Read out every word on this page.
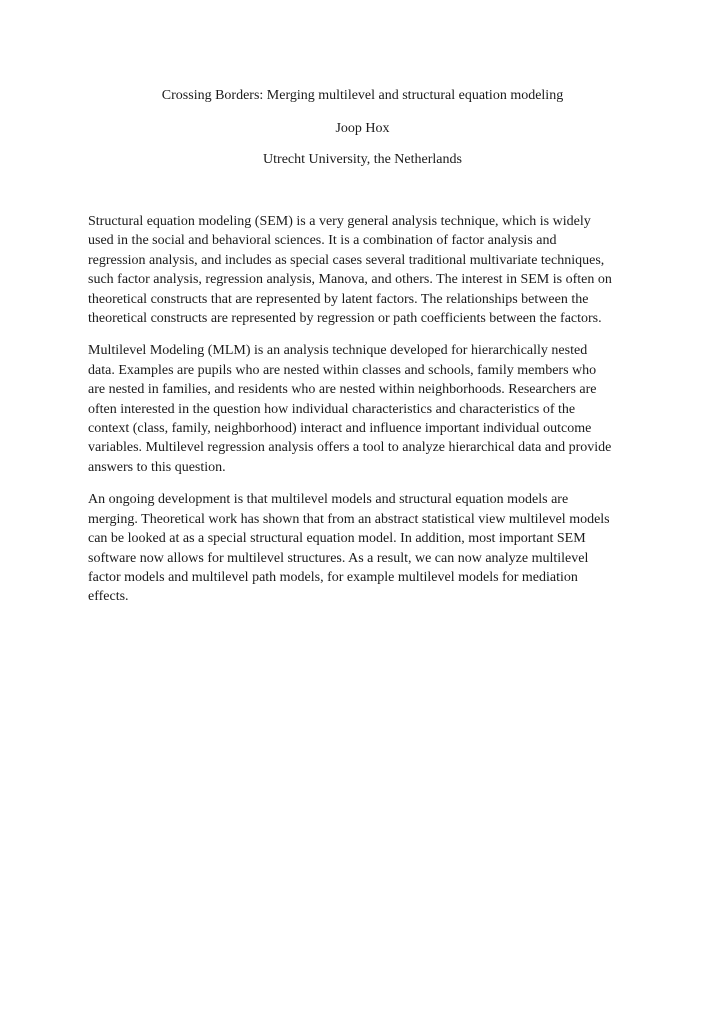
Crossing Borders: Merging multilevel and structural equation modeling
Joop Hox
Utrecht University, the Netherlands

Structural equation modeling (SEM) is a very general analysis technique, which is widely
used in the social and behavioral sciences. It is a combination of factor analysis and
regression analysis, and includes as special cases several traditional multivariate techniques,
such factor analysis, regression analysis, Manova, and others. The interest in SEM is often on
theoretical constructs that are represented by latent factors. The relationships between the
theoretical constructs are represented by regression or path coefficients between the factors.

Multilevel Modeling (MLM) is an analysis technique developed for hierarchically nested
data. Examples are pupils who are nested within classes and schools, family members who
are nested in families, and residents who are nested within neighborhoods. Researchers are
often interested in the question how individual characteristics and characteristics of the
context (class, family, neighborhood) interact and influence important individual outcome
variables. Multilevel regression analysis offers a tool to analyze hierarchical data and provide
answers to this question.

An ongoing development is that multilevel models and structural equation models are
merging. Theoretical work has shown that from an abstract statistical view multilevel models
can be looked at as a special structural equation model. In addition, most important SEM
software now allows for multilevel structures. As a result, we can now analyze multilevel
factor models and multilevel path models, for example multilevel models for mediation
effects.
